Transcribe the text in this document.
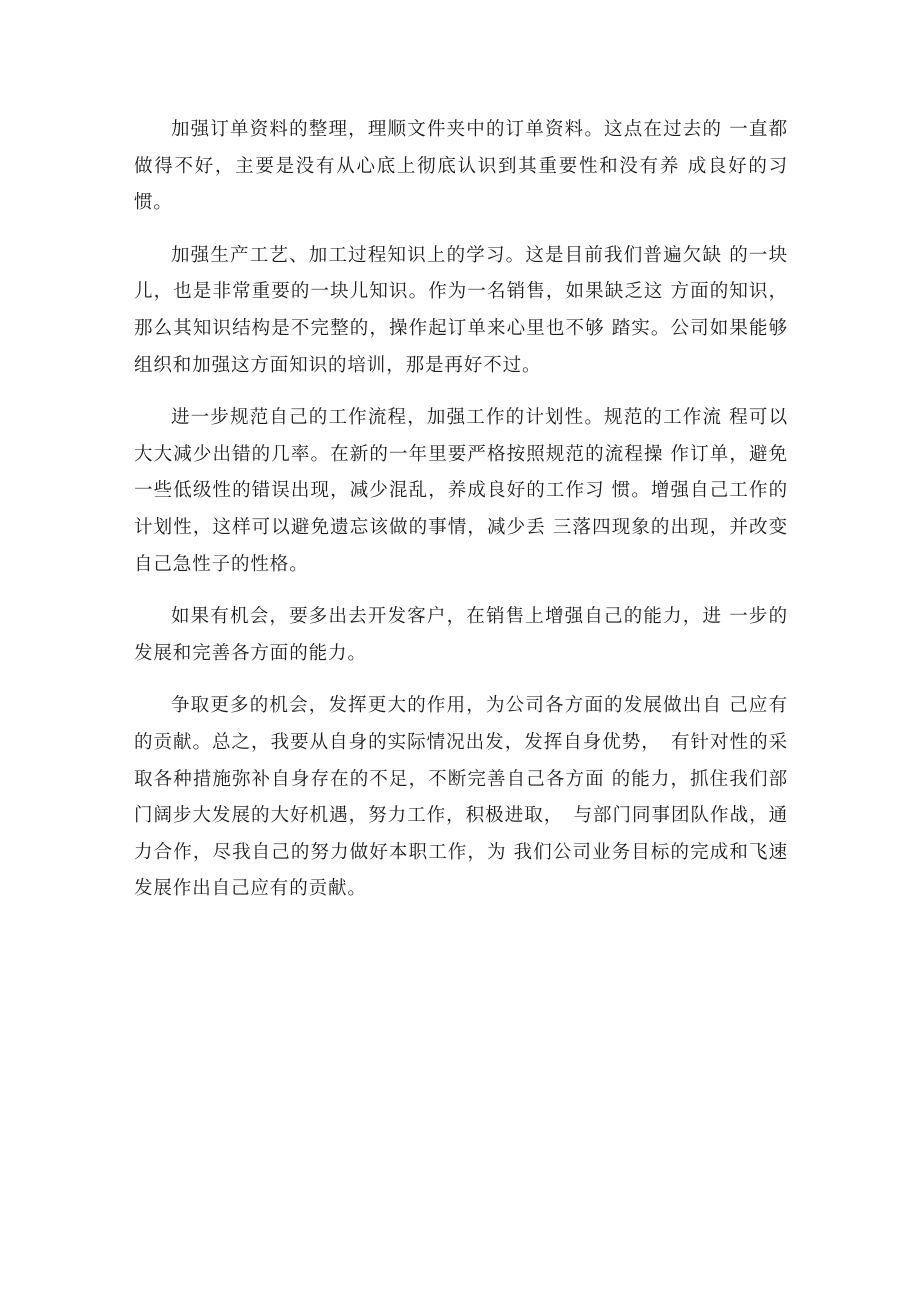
加强订单资料的整理，理顺文件夹中的订单资料。这点在过去的 一直都做得不好，主要是没有从心底上彻底认识到其重要性和没有养 成良好的习惯。

加强生产工艺、加工过程知识上的学习。这是目前我们普遍欠缺 的一块儿，也是非常重要的一块儿知识。作为一名销售，如果缺乏这 方面的知识，那么其知识结构是不完整的，操作起订单来心里也不够 踏实。公司如果能够组织和加强这方面知识的培训，那是再好不过。

进一步规范自己的工作流程，加强工作的计划性。规范的工作流 程可以大大减少出错的几率。在新的一年里要严格按照规范的流程操 作订单，避免一些低级性的错误出现，减少混乱，养成良好的工作习 惯。增强自己工作的计划性，这样可以避免遗忘该做的事情，减少丢 三落四现象的出现，并改变自己急性子的性格。

如果有机会，要多出去开发客户，在销售上增强自己的能力，进 一步的发展和完善各方面的能力。

争取更多的机会，发挥更大的作用，为公司各方面的发展做出自 己应有的贡献。总之，我要从自身的实际情况出发，发挥自身优势，　有针对性的采取各种措施弥补自身存在的不足，不断完善自己各方面 的能力，抓住我们部门阔步大发展的大好机遇，努力工作，积极进取，　与部门同事团队作战，通力合作，尽我自己的努力做好本职工作，为 我们公司业务目标的完成和飞速发展作出自己应有的贡献。
